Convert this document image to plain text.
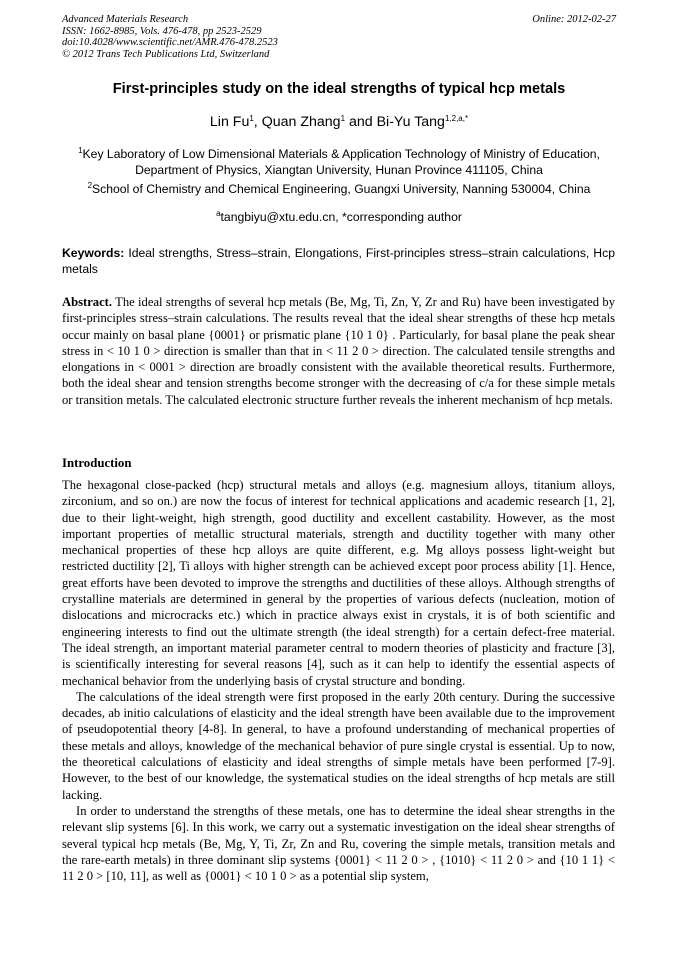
Advanced Materials Research
ISSN: 1662-8985, Vols. 476-478, pp 2523-2529
doi:10.4028/www.scientific.net/AMR.476-478.2523
© 2012 Trans Tech Publications Ltd, Switzerland
Online: 2012-02-27
First-principles study on the ideal strengths of typical hcp metals
Lin Fu$^1$, Quan Zhang$^1$ and Bi-Yu Tang$^{1,2,a,*}$
$^1$Key Laboratory of Low Dimensional Materials & Application Technology of Ministry of Education,
Department of Physics, Xiangtan University, Hunan Province 411105, China
$^2$School of Chemistry and Chemical Engineering, Guangxi University, Nanning 530004, China
$^a$tangbiyu@xtu.edu.cn, *corresponding author
Keywords: Ideal strengths, Stress–strain, Elongations, First-principles stress–strain calculations, Hcp metals
Abstract. The ideal strengths of several hcp metals (Be, Mg, Ti, Zn, Y, Zr and Ru) have been investigated by first-principles stress–strain calculations. The results reveal that the ideal shear strengths of these hcp metals occur mainly on basal plane {0001} or prismatic plane {10 1 0} . Particularly, for basal plane the peak shear stress in < 10 1 0 > direction is smaller than that in < 11 2 0 > direction. The calculated tensile strengths and elongations in < 0001 > direction are broadly consistent with the available theoretical results. Furthermore, both the ideal shear and tension strengths become stronger with the decreasing of c/a for these simple metals or transition metals. The calculated electronic structure further reveals the inherent mechanism of hcp metals.
Introduction

The hexagonal close-packed (hcp) structural metals and alloys (e.g. magnesium alloys, titanium alloys, zirconium, and so on.) are now the focus of interest for technical applications and academic research [1, 2], due to their light-weight, high strength, good ductility and excellent castability. However, as the most important properties of metallic structural materials, strength and ductility together with many other mechanical properties of these hcp alloys are quite different, e.g. Mg alloys possess light-weight but restricted ductility [2], Ti alloys with higher strength can be achieved except poor process ability [1]. Hence, great efforts have been devoted to improve the strengths and ductilities of these alloys. Although strengths of crystalline materials are determined in general by the properties of various defects (nucleation, motion of dislocations and microcracks etc.) which in practice always exist in crystals, it is of both scientific and engineering interests to find out the ultimate strength (the ideal strength) for a certain defect-free material. The ideal strength, an important material parameter central to modern theories of plasticity and fracture [3], is scientifically interesting for several reasons [4], such as it can help to identify the essential aspects of mechanical behavior from the underlying basis of crystal structure and bonding.

The calculations of the ideal strength were first proposed in the early 20th century. During the successive decades, ab initio calculations of elasticity and the ideal strength have been available due to the improvement of pseudopotential theory [4-8]. In general, to have a profound understanding of mechanical properties of these metals and alloys, knowledge of the mechanical behavior of pure single crystal is essential. Up to now, the theoretical calculations of elasticity and ideal strengths of simple metals have been performed [7-9]. However, to the best of our knowledge, the systematical studies on the ideal strengths of hcp metals are still lacking.

In order to understand the strengths of these metals, one has to determine the ideal shear strengths in the relevant slip systems [6]. In this work, we carry out a systematic investigation on the ideal shear strengths of several typical hcp metals (Be, Mg, Y, Ti, Zr, Zn and Ru, covering the simple metals, transition metals and the rare-earth metals) in three dominant slip systems {0001} < 11 2 0 > , {1010} < 11 2 0 > and {10 1 1} < 11 2 0 > [10, 11], as well as {0001} < 10 1 0 > as a potential slip system,
